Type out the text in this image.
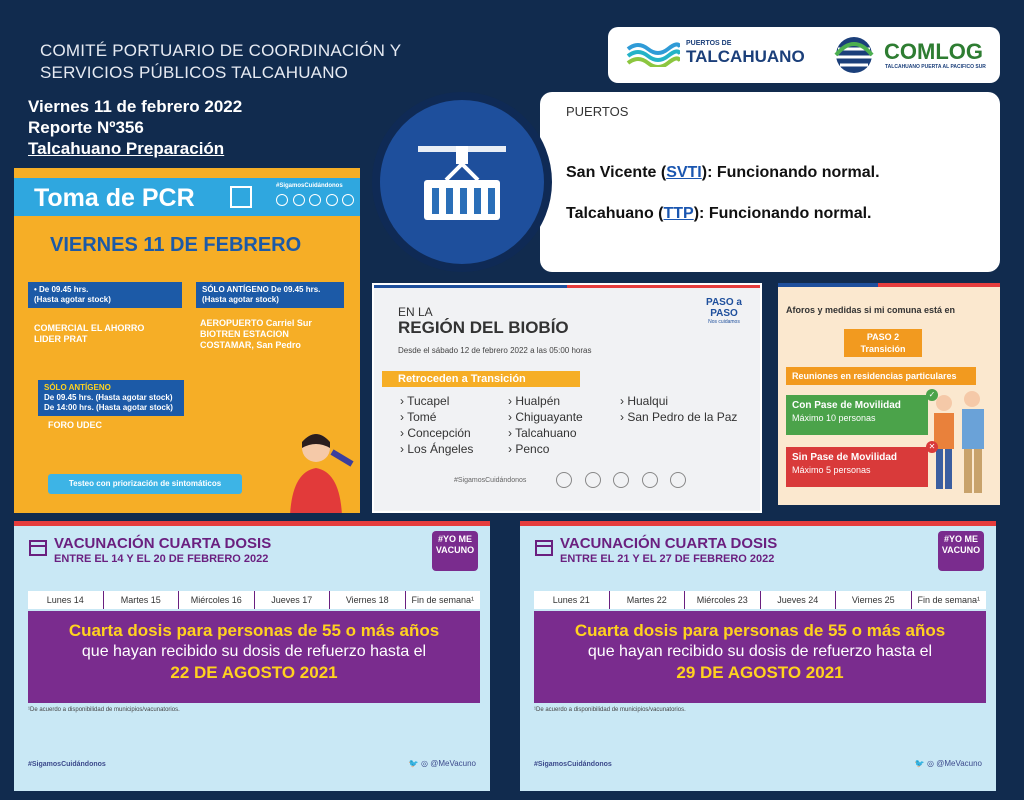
COMITÉ PORTUARIO DE COORDINACIÓN Y
SERVICIOS PÚBLICOS TALCAHUANO
PUERTOS DE
TALCAHUANO	COMLOG
TALCAHUANO PUERTA AL PACIFICO SUR
Viernes 11 de febrero 2022
Reporte Nº356
Talcahuano Preparación
PUERTOS
San Vicente (SVTI): Funcionando normal.
Talcahuano (TTP): Funcionando normal.
Toma de PCR	#SigamosCuidándonos
VIERNES 11 DE FEBRERO
• De 09.45 hrs.
(Hasta agotar stock)
COMERCIAL EL AHORRO
LIDER PRAT
SÓLO ANTÍGENO De 09.45 hrs.
(Hasta agotar stock)
AEROPUERTO Carriel Sur
BIOTREN ESTACION
COSTAMAR, San Pedro
SÓLO ANTÍGENO
De 09.45 hrs. (Hasta agotar stock)
De 14:00 hrs. (Hasta agotar stock)
FORO UDEC
Testeo con priorización de sintomáticos
EN LA
REGIÓN DEL BIOBÍO
Desde el sábado 12 de febrero 2022 a las 05:00 horas
PASO a
PASO
Nos cuidamos
Retroceden a Transición
› Tucapel
› Tomé
› Concepción
› Los Ángeles
› Hualpén
› Chiguayante
› Talcahuano
› Penco
› Hualqui
› San Pedro de la Paz
#SigamosCuidándonos
Aforos y medidas si mi comuna está en
PASO 2
Transición
Reuniones en residencias particulares
Con Pase de Movilidad
Máximo 10 personas
Sin Pase de Movilidad
Máximo 5 personas
✓
✕
VACUNACIÓN CUARTA DOSIS
ENTRE EL 14 Y EL 20 DE FEBRERO 2022
#YO ME
VACUNO
Lunes 14	Martes 15	Miércoles 16	Jueves 17	Viernes 18	Fin de semana¹
Cuarta dosis para personas de 55 o más años
que hayan recibido su dosis de refuerzo hasta el
22 DE AGOSTO 2021
¹De acuerdo a disponibilidad de municipios/vacunatorios.
#SigamosCuidándonos	🐦 ◎ @MeVacuno
VACUNACIÓN CUARTA DOSIS
ENTRE EL 21 Y EL 27 DE FEBRERO 2022
#YO ME
VACUNO
Lunes 21	Martes 22	Miércoles 23	Jueves 24	Viernes 25	Fin de semana¹
Cuarta dosis para personas de 55 o más años
que hayan recibido su dosis de refuerzo hasta el
29 DE AGOSTO 2021
¹De acuerdo a disponibilidad de municipios/vacunatorios.
#SigamosCuidándonos	🐦 ◎ @MeVacuno
